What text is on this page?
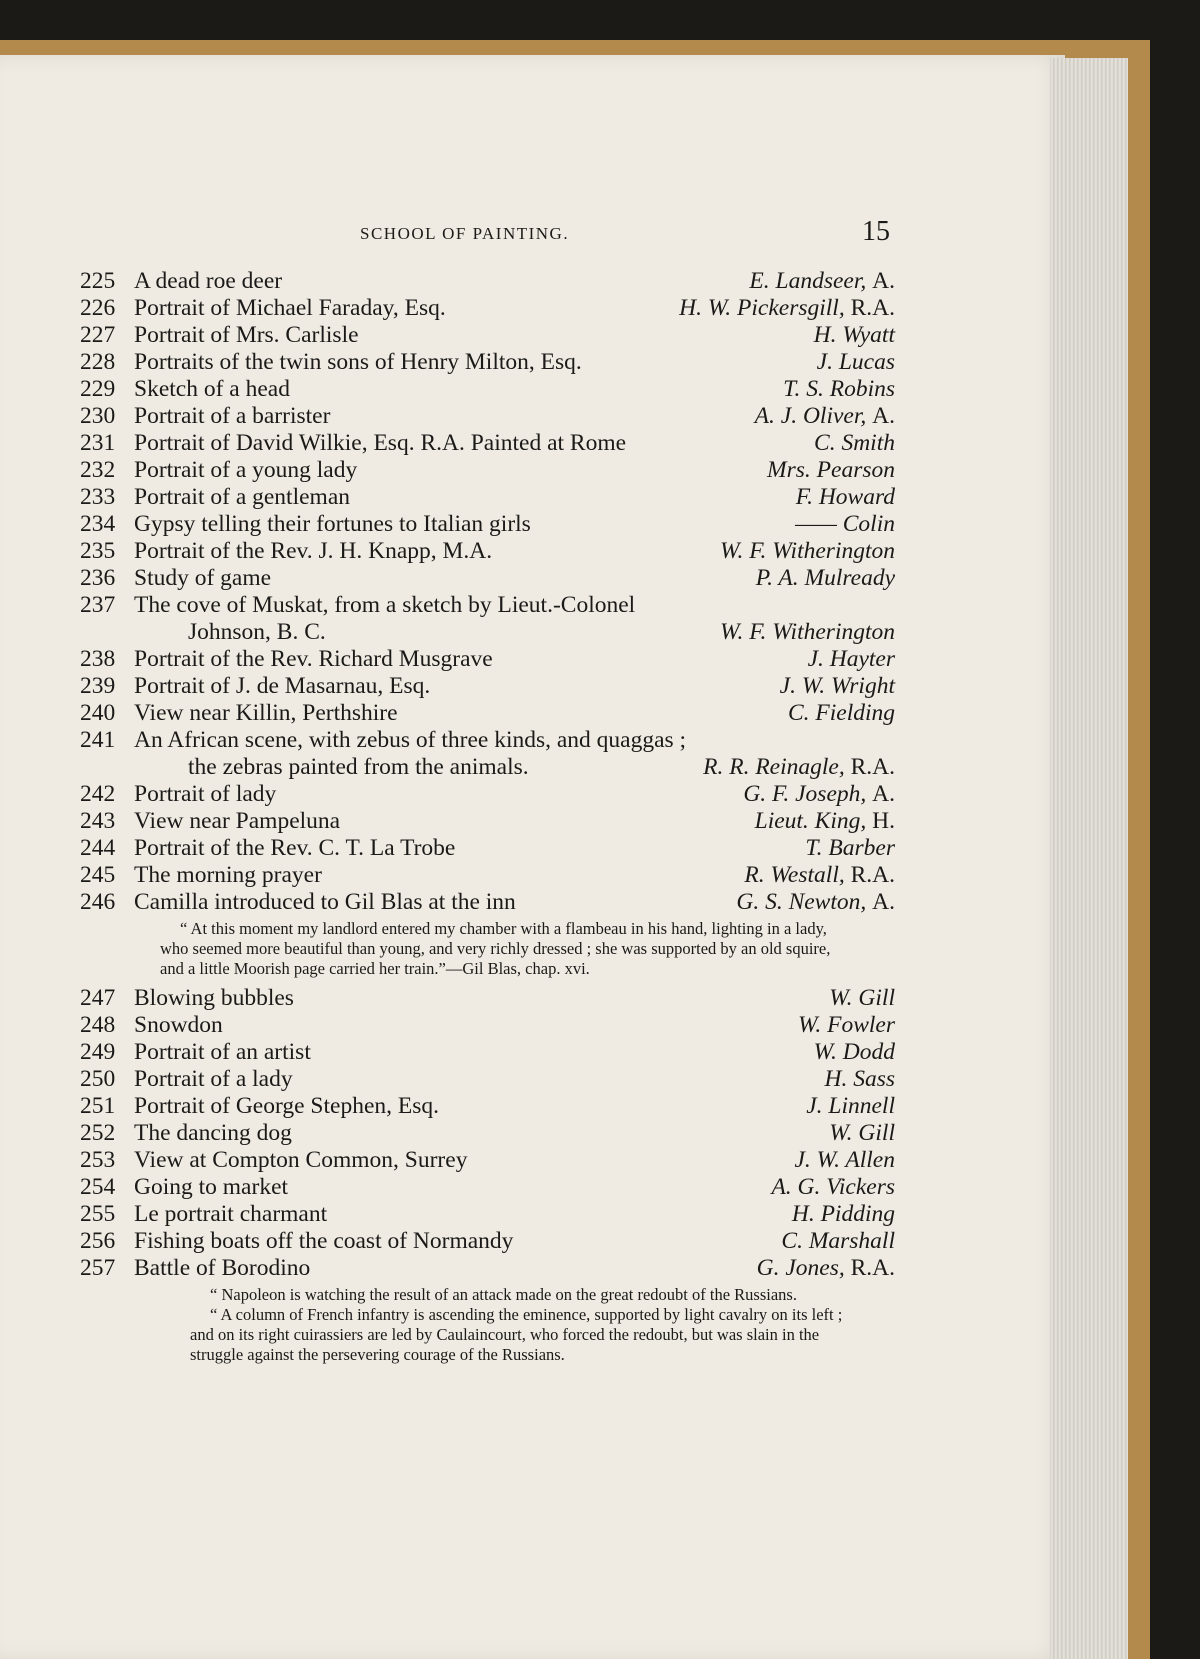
SCHOOL OF PAINTING.	15
225 A dead roe deer	E. Landseer, A.
226 Portrait of Michael Faraday, Esq.	H. W. Pickersgill, R.A.
227 Portrait of Mrs. Carlisle	H. Wyatt
228 Portraits of the twin sons of Henry Milton, Esq.	J. Lucas
229 Sketch of a head	T. S. Robins
230 Portrait of a barrister	A. J. Oliver, A.
231 Portrait of David Wilkie, Esq. R.A. Painted at Rome	C. Smith
232 Portrait of a young lady	Mrs. Pearson
233 Portrait of a gentleman	F. Howard
234 Gypsy telling their fortunes to Italian girls	—— Colin
235 Portrait of the Rev. J. H. Knapp, M.A.	W. F. Witherington
236 Study of game	P. A. Mulready
237 The cove of Muskat, from a sketch by Lieut.-Colonel
Johnson, B. C.	W. F. Witherington
238 Portrait of the Rev. Richard Musgrave	J. Hayter
239 Portrait of J. de Masarnau, Esq.	J. W. Wright
240 View near Killin, Perthshire	C. Fielding
241 An African scene, with zebus of three kinds, and quaggas ;
the zebras painted from the animals.	R. R. Reinagle, R.A.
242 Portrait of lady	G. F. Joseph, A.
243 View near Pampeluna	Lieut. King, H.
244 Portrait of the Rev. C. T. La Trobe	T. Barber
245 The morning prayer	R. Westall, R.A.
246 Camilla introduced to Gil Blas at the inn	G. S. Newton, A.

“ At this moment my landlord entered my chamber with a flambeau in his hand, lighting in a lady, who seemed more beautiful than young, and very richly dressed ; she was supported by an old squire, and a little Moorish page carried her train.”—Gil Blas, chap. xvi.

247 Blowing bubbles	W. Gill
248 Snowdon	W. Fowler
249 Portrait of an artist	W. Dodd
250 Portrait of a lady	H. Sass
251 Portrait of George Stephen, Esq.	J. Linnell
252 The dancing dog	W. Gill
253 View at Compton Common, Surrey	J. W. Allen
254 Going to market	A. G. Vickers
255 Le portrait charmant	H. Pidding
256 Fishing boats off the coast of Normandy	C. Marshall
257 Battle of Borodino	G. Jones, R.A.

“ Napoleon is watching the result of an attack made on the great redoubt of the Russians.

“ A column of French infantry is ascending the eminence, supported by light cavalry on its left ; and on its right cuirassiers are led by Caulaincourt, who forced the redoubt, but was slain in the struggle against the persevering courage of the Russians.
